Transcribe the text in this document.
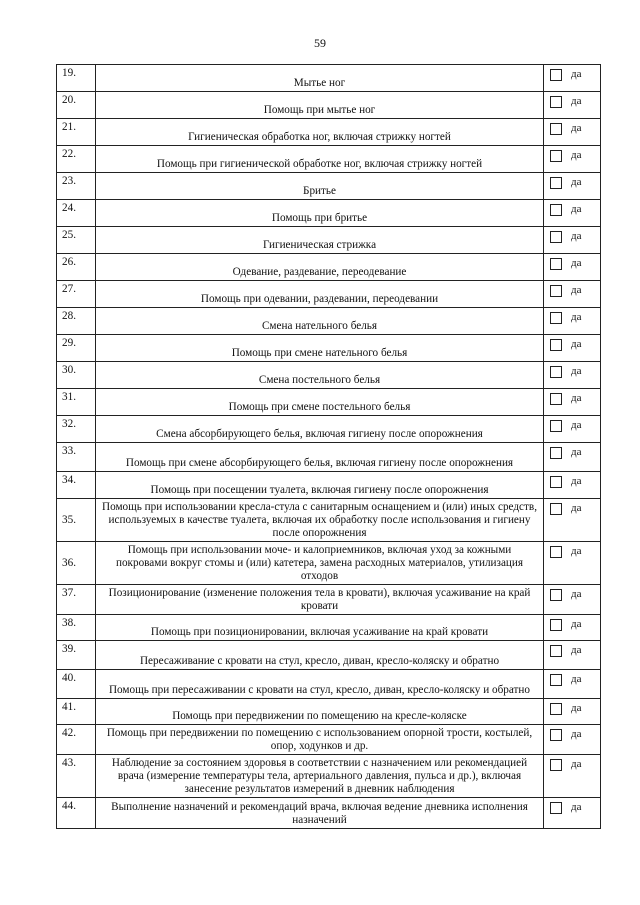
59
19.	Мытье ног	да
20.	Помощь при мытье ног	да
21.	Гигиеническая обработка ног, включая стрижку ногтей	да
22.	Помощь при гигиенической обработке ног, включая стрижку ногтей	да
23.	Бритье	да
24.	Помощь при бритье	да
25.	Гигиеническая стрижка	да
26.	Одевание, раздевание, переодевание	да
27.	Помощь при одевании, раздевании, переодевании	да
28.	Смена нательного белья	да
29.	Помощь при смене нательного белья	да
30.	Смена постельного белья	да
31.	Помощь при смене постельного белья	да
32.	Смена абсорбирующего белья, включая гигиену после опорожнения	да
33.	Помощь при смене абсорбирующего белья, включая гигиену после опорожнения	да
34.	Помощь при посещении туалета, включая гигиену после опорожнения	да
35.	Помощь при использовании кресла-стула с санитарным оснащением и (или) иных средств, используемых в качестве туалета, включая их обработку после использования и гигиену после опорожнения	да
36.	Помощь при использовании моче- и калоприемников, включая уход за кожными покровами вокруг стомы и (или) катетера, замена расходных материалов, утилизация отходов	да
37.	Позиционирование (изменение положения тела в кровати), включая усаживание на край кровати	да
38.	Помощь при позиционировании, включая усаживание на край кровати	да
39.	Пересаживание с кровати на стул, кресло, диван, кресло-коляску и обратно	да
40.	Помощь при пересаживании с кровати на стул, кресло, диван, кресло-коляску и обратно	да
41.	Помощь при передвижении по помещению на кресле-коляске	да
42.	Помощь при передвижении по помещению с использованием опорной трости, костылей, опор, ходунков и др.	да
43.	Наблюдение за состоянием здоровья в соответствии с назначением или рекомендацией врача (измерение температуры тела, артериального давления, пульса и др.), включая занесение результатов измерений в дневник наблюдения	да
44.	Выполнение назначений и рекомендаций врача, включая ведение дневника исполнения назначений	да
